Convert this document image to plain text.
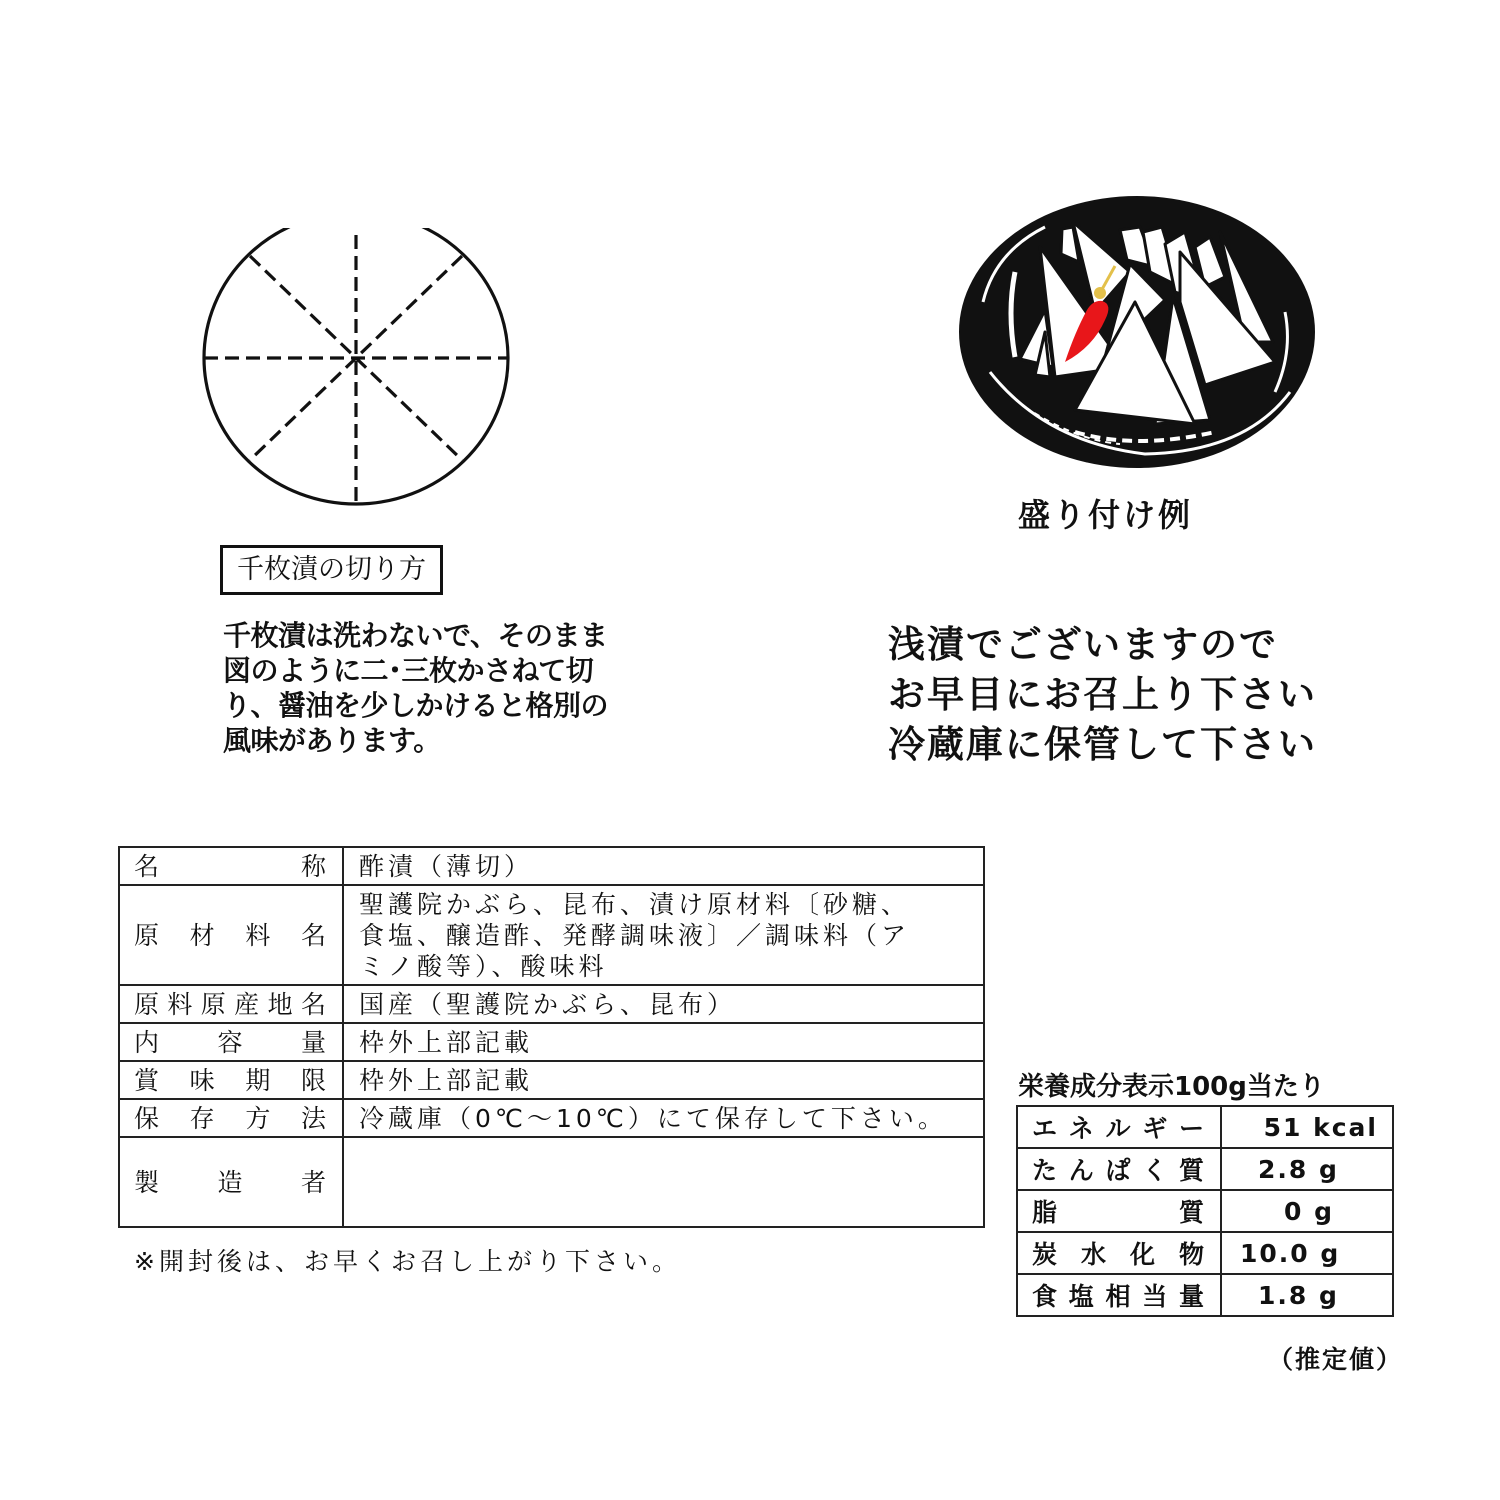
千枚漬の切り方
千枚漬は洗わないで、そのまま
図のように二･三枚かさねて切
り、醤油を少しかけると格別の
風味があります。
盛り付け例
浅漬でございますので
お早目にお召上り下さい
冷蔵庫に保管して下さい
名称	酢漬（薄切）
原材料名	聖護院かぶら、昆布、漬け原材料〔砂糖、
食塩、醸造酢、発酵調味液〕／調味料（ア
ミノ酸等）、酸味料

原料原産地名	国産（聖護院かぶら、昆布）
内容量	枠外上部記載
賞味期限	枠外上部記載
保存方法	冷蔵庫（0℃～10℃）にて保存して下さい。
製造者	
※開封後は、お早くお召し上がり下さい。
栄養成分表示100g当たり
エネルギー	51 kcal
たんぱく質	2.8 g
脂質	0 g
炭水化物	10.0 g
食塩相当量	1.8 g
（推定値）
